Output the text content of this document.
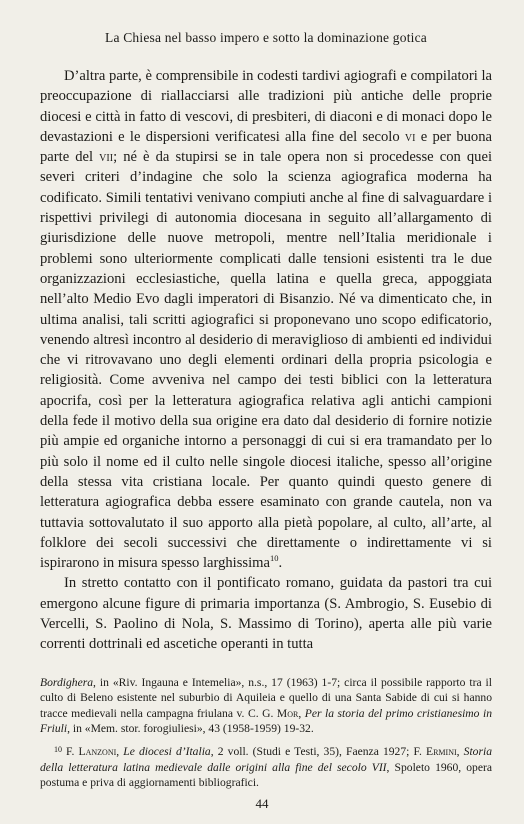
La Chiesa nel basso impero e sotto la dominazione gotica

D’altra parte, è comprensibile in codesti tardivi agiografi e compilatori la preoccupazione di riallacciarsi alle tradizioni più antiche delle proprie diocesi e città in fatto di vescovi, di presbiteri, di diaconi e di monaci dopo le devastazioni e le dispersioni verificatesi alla fine del secolo vi e per buona parte del vii; né è da stupirsi se in tale opera non si procedesse con quei severi criteri d’indagine che solo la scienza agiografica moderna ha codificato. Simili tentativi venivano compiuti anche al fine di salvaguardare i rispettivi privilegi di autonomia diocesana in seguito all’allargamento di giurisdizione delle nuove metropoli, mentre nell’Italia meridionale i problemi sono ulteriormente complicati dalle tensioni esistenti tra le due organizzazioni ecclesiastiche, quella latina e quella greca, appoggiata nell’alto Medio Evo dagli imperatori di Bisanzio. Né va dimenticato che, in ultima analisi, tali scritti agiografici si proponevano uno scopo edificatorio, venendo altresì incontro al desiderio di meraviglioso di ambienti ed individui che vi ritrovavano uno degli elementi ordinari della propria psicologia e religiosità. Come avveniva nel campo dei testi biblici con la letteratura apocrifa, così per la letteratura agiografica relativa agli antichi campioni della fede il motivo della sua origine era dato dal desiderio di fornire notizie più ampie ed organiche intorno a personaggi di cui si era tramandato per lo più solo il nome ed il culto nelle singole diocesi italiche, spesso all’origine della stessa vita cristiana locale. Per quanto quindi questo genere di letteratura agiografica debba essere esaminato con grande cautela, non va tuttavia sottovalutato il suo apporto alla pietà popolare, al culto, all’arte, al folklore dei secoli successivi che direttamente o indirettamente vi si ispirarono in misura spesso larghissima$^{10}$.

In stretto contatto con il pontificato romano, guidata da pastori tra cui emergono alcune figure di primaria importanza (S. Ambrogio, S. Eusebio di Vercelli, S. Paolino di Nola, S. Massimo di Torino), aperta alle più varie correnti dottrinali ed ascetiche operanti in tutta

Bordighera, in «Riv. Ingauna e Intemelia», n.s., 17 (1963) 1-7; circa il possibile rapporto tra il culto di Beleno esistente nel suburbio di Aquileia e quello di una Santa Sabide di cui si hanno tracce medievali nella campagna friulana v. C. G. Mor, Per la storia del primo cristianesimo in Friuli, in «Mem. stor. forogiuliesi», 43 (1958-1959) 19-32.

$^{10}$ F. Lanzoni, Le diocesi d’Italia, 2 voll. (Studi e Testi, 35), Faenza 1927; F. Ermini, Storia della letteratura latina medievale dalle origini alla fine del secolo VII, Spoleto 1960, opera postuma e priva di aggiornamenti bibliografici.

44
